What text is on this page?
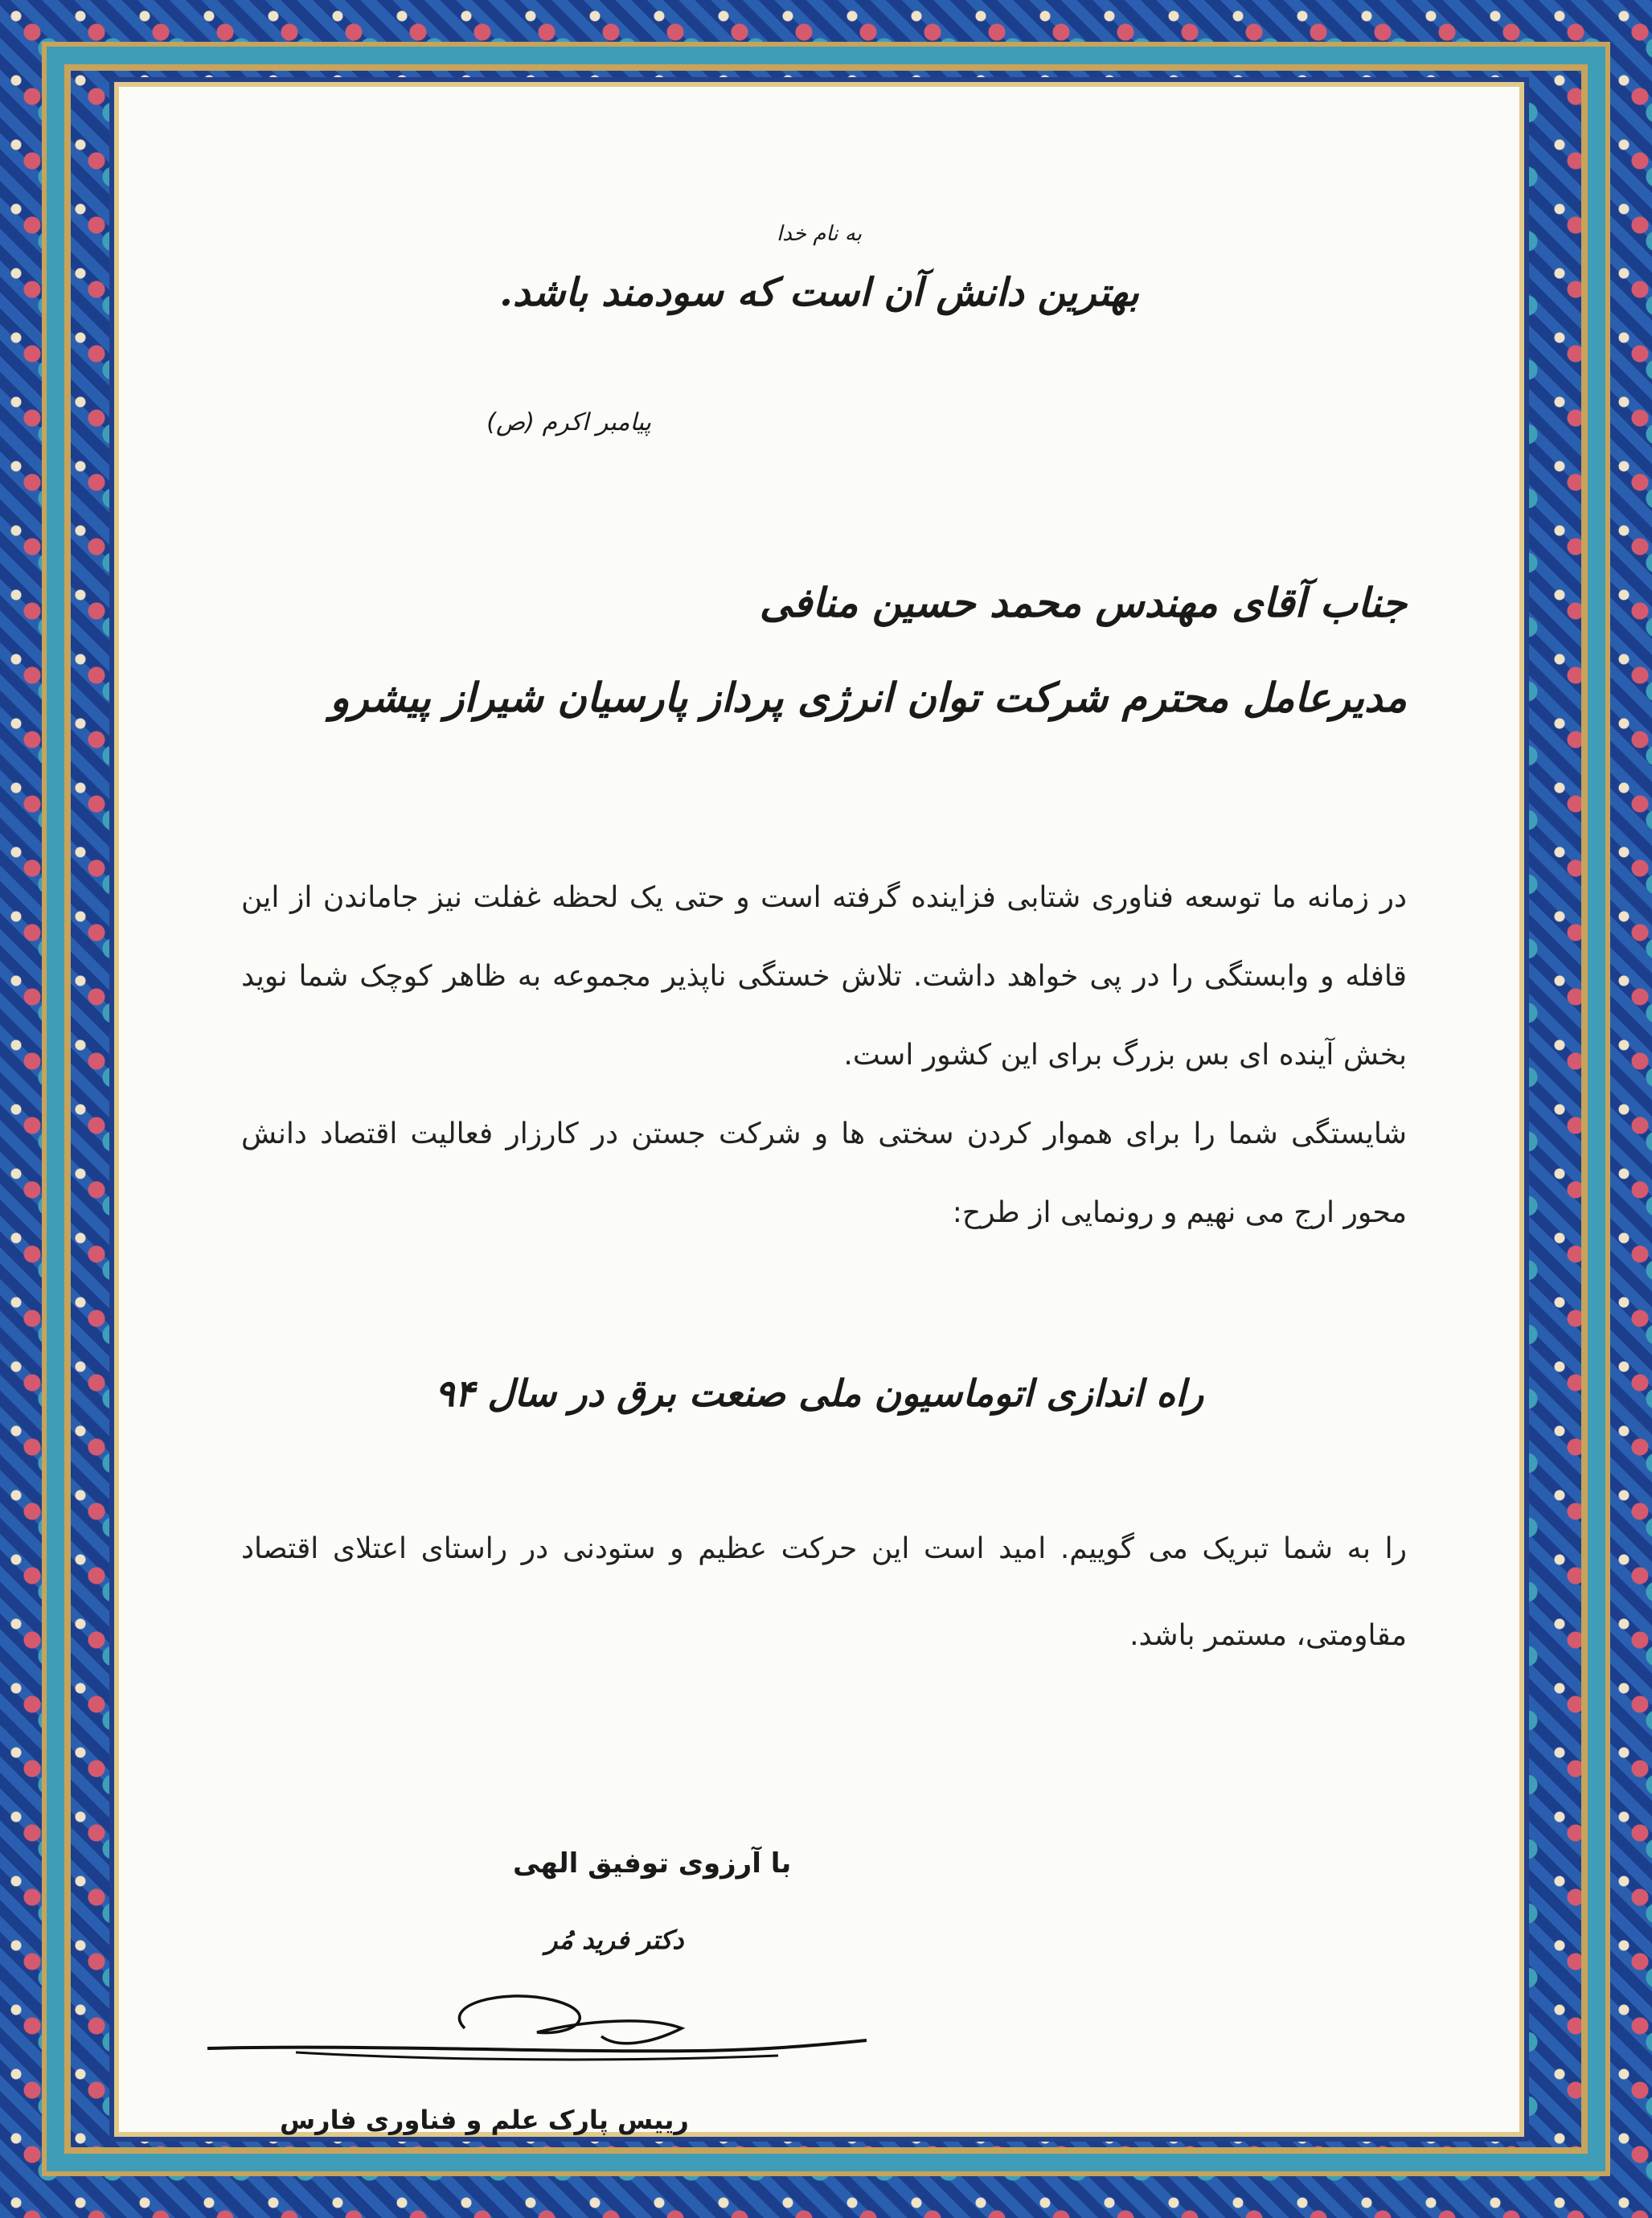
به نام خدا
بهترین دانش آن است که سودمند باشد.
پیامبر اکرم (ص)
جناب آقای مهندس محمد حسین منافی
مدیرعامل محترم شرکت توان انرژی پرداز پارسیان شیراز پیشرو

در زمانه ما توسعه فناوری شتابی فزاینده گرفته است و حتی یک لحظه غفلت نیز جاماندن از این قافله و وابستگی را در پی خواهد داشت. تلاش خستگی ناپذیر مجموعه به ظاهر کوچک شما نوید بخش آینده ای بس بزرگ برای این کشور است.

شایستگی شما را برای هموار کردن سختی ها و شرکت جستن در کارزار فعالیت اقتصاد دانش محور ارج می نهیم و رونمایی از طرح:

راه اندازی اتوماسیون ملی صنعت برق در سال ۹۴

را به شما تبریک می گوییم. امید است این حرکت عظیم و ستودنی در راستای اعتلای اقتصاد مقاومتی، مستمر باشد.

با آرزوی توفیق الهی
دکتر فرید مُر
رییس پارک علم و فناوری فارس
